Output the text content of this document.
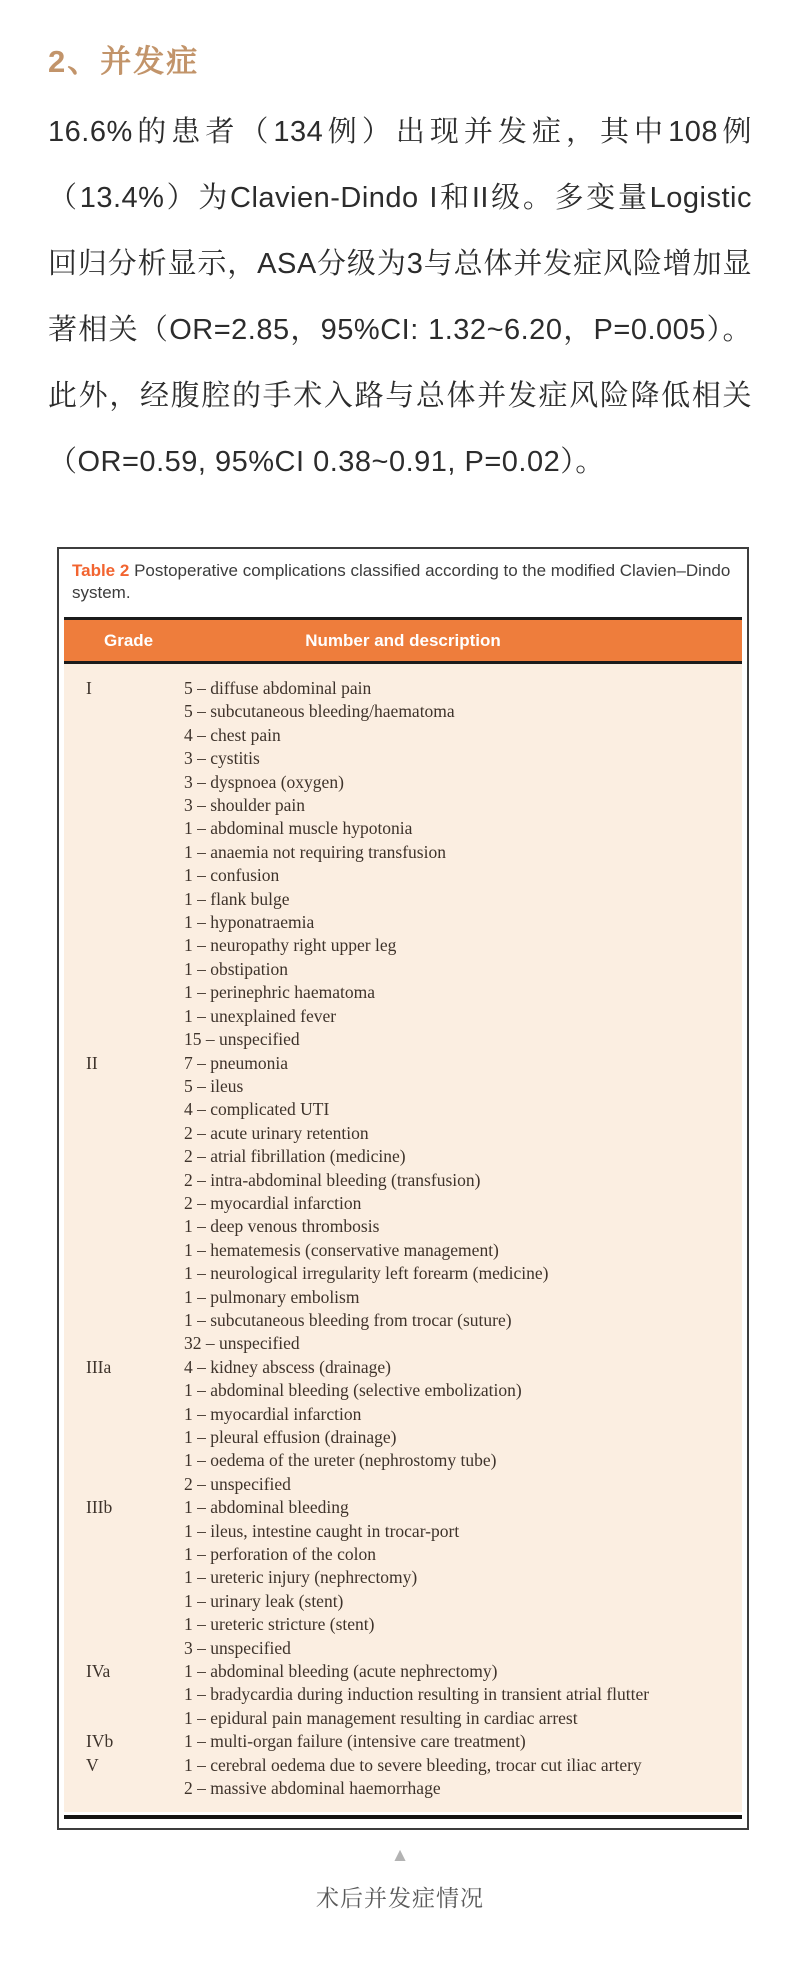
2、并发症

16.6%的患者（134例）出现并发症，其中108例（13.4%）为Clavien-Dindo I和II级。多变量Logistic回归分析显示，ASA分级为3与总体并发症风险增加显著相关（OR=2.85，95%CI: 1.32~6.20，P=0.005）。此外，经腹腔的手术入路与总体并发症风险降低相关（OR=0.59, 95%CI 0.38~0.91, P=0.02）。

Table 2 Postoperative complications classified according to the modified Clavien–Dindo system.
Grade	Number and description
I	5 – diffuse abdominal pain
5 – subcutaneous bleeding/haematoma
4 – chest pain
3 – cystitis
3 – dyspnoea (oxygen)
3 – shoulder pain
1 – abdominal muscle hypotonia
1 – anaemia not requiring transfusion
1 – confusion
1 – flank bulge
1 – hyponatraemia
1 – neuropathy right upper leg
1 – obstipation
1 – perinephric haematoma
1 – unexplained fever
15 – unspecified
II	7 – pneumonia
5 – ileus
4 – complicated UTI
2 – acute urinary retention
2 – atrial fibrillation (medicine)
2 – intra-abdominal bleeding (transfusion)
2 – myocardial infarction
1 – deep venous thrombosis
1 – hematemesis (conservative management)
1 – neurological irregularity left forearm (medicine)
1 – pulmonary embolism
1 – subcutaneous bleeding from trocar (suture)
32 – unspecified
IIIa	4 – kidney abscess (drainage)
1 – abdominal bleeding (selective embolization)
1 – myocardial infarction
1 – pleural effusion (drainage)
1 – oedema of the ureter (nephrostomy tube)
2 – unspecified
IIIb	1 – abdominal bleeding
1 – ileus, intestine caught in trocar-port
1 – perforation of the colon
1 – ureteric injury (nephrectomy)
1 – urinary leak (stent)
1 – ureteric stricture (stent)
3 – unspecified
IVa	1 – abdominal bleeding (acute nephrectomy)
1 – bradycardia during induction resulting in transient atrial flutter
1 – epidural pain management resulting in cardiac arrest
IVb	1 – multi-organ failure (intensive care treatment)
V	1 – cerebral oedema due to severe bleeding, trocar cut iliac artery
2 – massive abdominal haemorrhage
▲
术后并发症情况
